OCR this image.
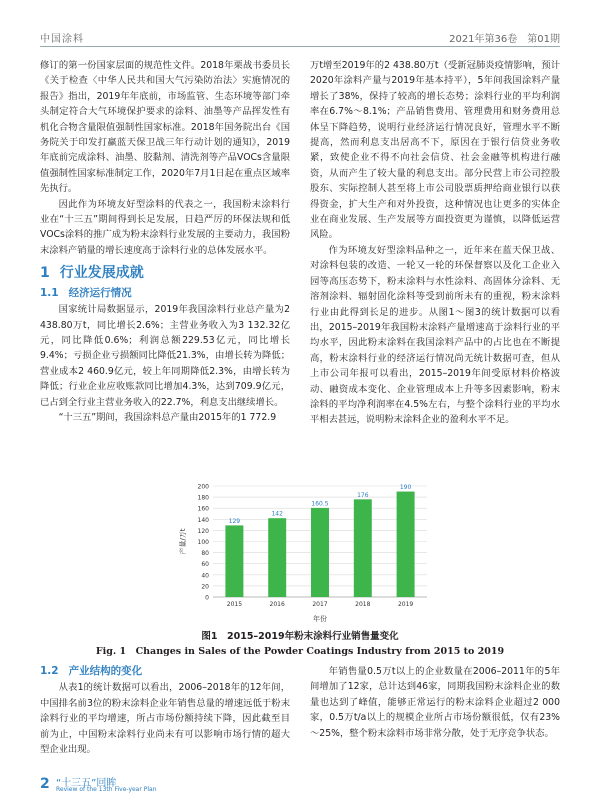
中国涂料	2021年第36卷　第01期

修订的第一份国家层面的规范性文件。2018年栗战书委员长《关于检查〈中华人民共和国大气污染防治法〉实施情况的报告》指出，2019年年底前，市场监管、生态环境等部门牵头制定符合大气环境保护要求的涂料、油墨等产品挥发性有机化合物含量限值强制性国家标准。2018年国务院出台《国务院关于印发打赢蓝天保卫战三年行动计划的通知》，2019年底前完成涂料、油墨、胶黏剂、清洗剂等产品VOCs含量限值强制性国家标准制定工作，2020年7月1日起在重点区域率先执行。

因此作为环境友好型涂料的代表之一，我国粉末涂料行业在“十三五”期间得到长足发展，日趋严厉的环保法规和低VOCs涂料的推广成为粉末涂料行业发展的主要动力，我国粉末涂料产销量的增长速度高于涂料行业的总体发展水平。

1 行业发展成就
1.1 经济运行情况

国家统计局数据显示，2019年我国涂料行业总产量为2 438.80万t，同比增长2.6%；主营业务收入为3 132.32亿元，同比降低0.6%；利润总额229.53亿元，同比增长9.4%；亏损企业亏损额同比降低21.3%，由增长转为降低；营业成本2 460.9亿元，较上年同期降低2.3%，由增长转为降低；行业企业应收账款同比增加4.3%，达到709.9亿元，已占到全行业主营业务收入的22.7%，利息支出继续增长。

“十三五”期间，我国涂料总产量由2015年的1 772.9

万t增至2019年的2 438.80万t（受新冠肺炎疫情影响，预计2020年涂料产量与2019年基本持平），5年间我国涂料产量增长了38%，保持了较高的增长态势；涂料行业的平均利润率在6.7%～8.1%；产品销售费用、管理费用和财务费用总体呈下降趋势，说明行业经济运行情况良好，管理水平不断提高，然而利息支出居高不下，原因在于银行信贷业务收紧，致使企业不得不向社会信贷、社会金融等机构进行融资，从而产生了较大量的利息支出。部分民营上市公司控股股东、实际控制人甚至将上市公司股票质押给商业银行以获得资金，扩大生产和对外投资，这种情况也让更多的实体企业在商业发展、生产发展等方面投资更为谨慎，以降低运营风险。

作为环境友好型涂料品种之一，近年来在蓝天保卫战、对涂料包装的改造、一轮又一轮的环保督察以及化工企业入园等高压态势下，粉末涂料与水性涂料、高固体分涂料、无溶剂涂料、辐射固化涂料等受到前所未有的重视，粉末涂料行业由此得到长足的进步。从图1～图3的统计数据可以看出，2015–2019年我国粉末涂料产量增速高于涂料行业的平均水平，因此粉末涂料在我国涂料产品中的占比也在不断提高，粉末涂料行业的经济运行情况尚无统计数据可查，但从上市公司年报可以看出，2015–2019年间受原材料价格波动、融资成本变化、企业管理成本上升等多因素影响，粉末涂料的平均净利润率在4.5%左右，与整个涂料行业的平均水平相去甚远，说明粉末涂料企业的盈利水平不足。

0
20
40
60
80
100
120
140
160
180
200
129
2015
142
2016
160.5
2017
176
2018
190
2019
年份
产量/万t
图1　2015–2019年粉末涂料行业销售量变化
Fig. 1　Changes in Sales of the Powder Coatings Industry from 2015 to 2019
1.2 产业结构的变化

从表1的统计数据可以看出，2006–2018年的12年间，中国排名前3位的粉末涂料企业年销售总量的增速远低于粉末涂料行业的平均增速，所占市场份额持续下降，因此截至目前为止，中国粉末涂料行业尚未有可以影响市场行情的超大型企业出现。

年销售量0.5万t以上的企业数量在2006–2011年的5年间增加了12家，总计达到46家，同期我国粉末涂料企业的数量也达到了峰值，能够正常运行的粉末涂料企业超过2 000家，0.5万t/a以上的规模企业所占市场份额很低，仅有23%～25%，整个粉末涂料市场非常分散，处于无序竞争状态。

2 “十三五”回眸
Review of the 13th Five-year Plan
